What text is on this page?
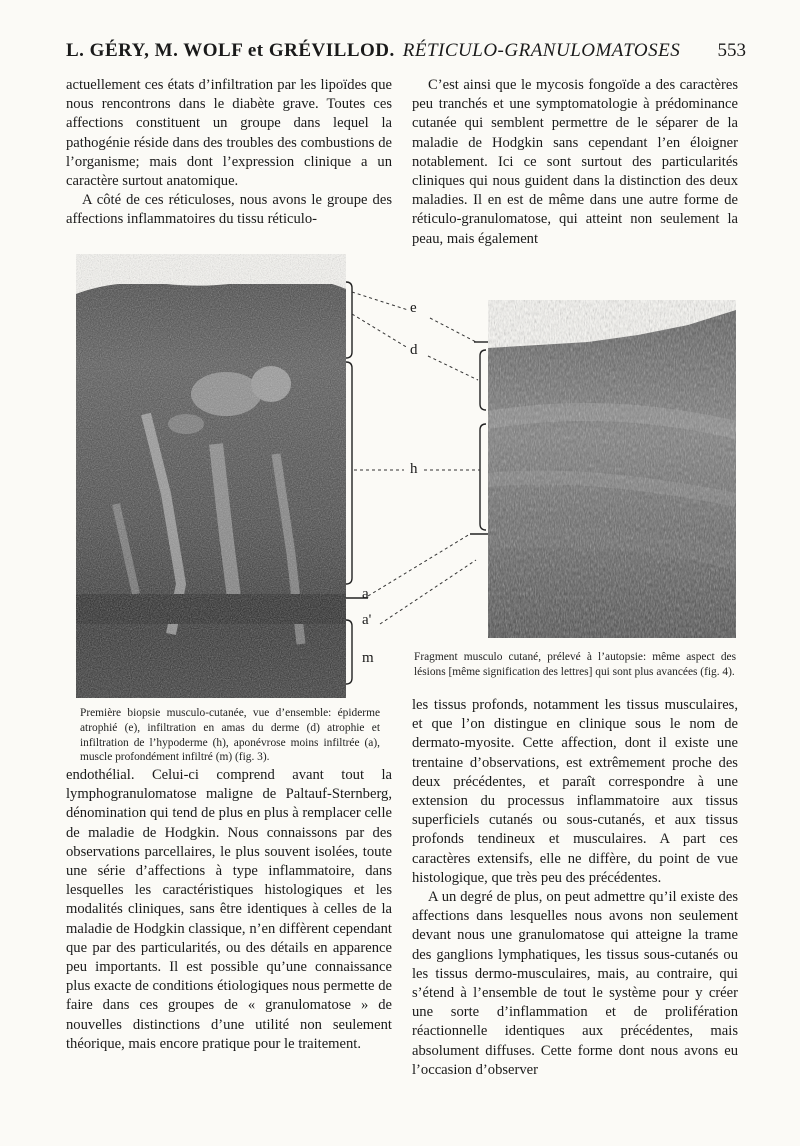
L. GÉRY, M. WOLF et GRÉVILLOD. RÉTICULO-GRANULOMATOSES 553

actuellement ces états d’infiltration par les lipoïdes que nous rencontrons dans le diabète grave. Toutes ces affections constituent un groupe dans lequel la pathogénie réside dans des troubles des combustions de l’organisme; mais dont l’expression clinique a un caractère surtout anatomique.

A côté de ces réticuloses, nous avons le groupe des affections inflammatoires du tissu réticulo-

C’est ainsi que le mycosis fongoïde a des caractères peu tranchés et une symptomatologie à prédominance cutanée qui semblent permettre de le séparer de la maladie de Hodgkin sans cependant l’en éloigner notablement. Ici ce sont surtout des particularités cliniques qui nous guident dans la distinction des deux maladies. Il en est de même dans une autre forme de réticulo-granulomatose, qui atteint non seulement la peau, mais également

e
d
h
a
a'
m
Première biopsie musculo-cutanée, vue d’ensemble: épiderme atrophié (e), infiltration en amas du derme (d) atrophie et infiltration de l’hypoderme (h), aponévrose moins infiltrée (a), muscle profondément infiltré (m) (fig. 3).
Fragment musculo cutané, prélevé à l’autopsie: même aspect des lésions [même signification des lettres] qui sont plus avancées (fig. 4).

endothélial. Celui-ci comprend avant tout la lymphogranulomatose maligne de Paltauf-Sternberg, dénomination qui tend de plus en plus à remplacer celle de maladie de Hodgkin. Nous connaissons par des observations parcellaires, le plus souvent isolées, toute une série d’affections à type inflammatoire, dans lesquelles les caractéristiques histologiques et les modalités cliniques, sans être identiques à celles de la maladie de Hodgkin classique, n’en diffèrent cependant que par des particularités, ou des détails en apparence peu importants. Il est possible qu’une connaissance plus exacte de conditions étiologiques nous permette de faire dans ces groupes de « granulomatose » de nouvelles distinctions d’une utilité non seulement théorique, mais encore pratique pour le traitement.

les tissus profonds, notamment les tissus musculaires, et que l’on distingue en clinique sous le nom de dermato-myosite. Cette affection, dont il existe une trentaine d’observations, est extrêmement proche des deux précédentes, et paraît correspondre à une extension du processus inflammatoire aux tissus superficiels cutanés ou sous-cutanés, et aux tissus profonds tendineux et musculaires. A part ces caractères extensifs, elle ne diffère, du point de vue histologique, que très peu des précédentes.

A un degré de plus, on peut admettre qu’il existe des affections dans lesquelles nous avons non seulement devant nous une granulomatose qui atteigne la trame des ganglions lymphatiques, les tissus sous-cutanés ou les tissus dermo-musculaires, mais, au contraire, qui s’étend à l’ensemble de tout le système pour y créer une sorte d’inflammation et de prolifération réactionnelle identiques aux précédentes, mais absolument diffuses. Cette forme dont nous avons eu l’occasion d’observer
